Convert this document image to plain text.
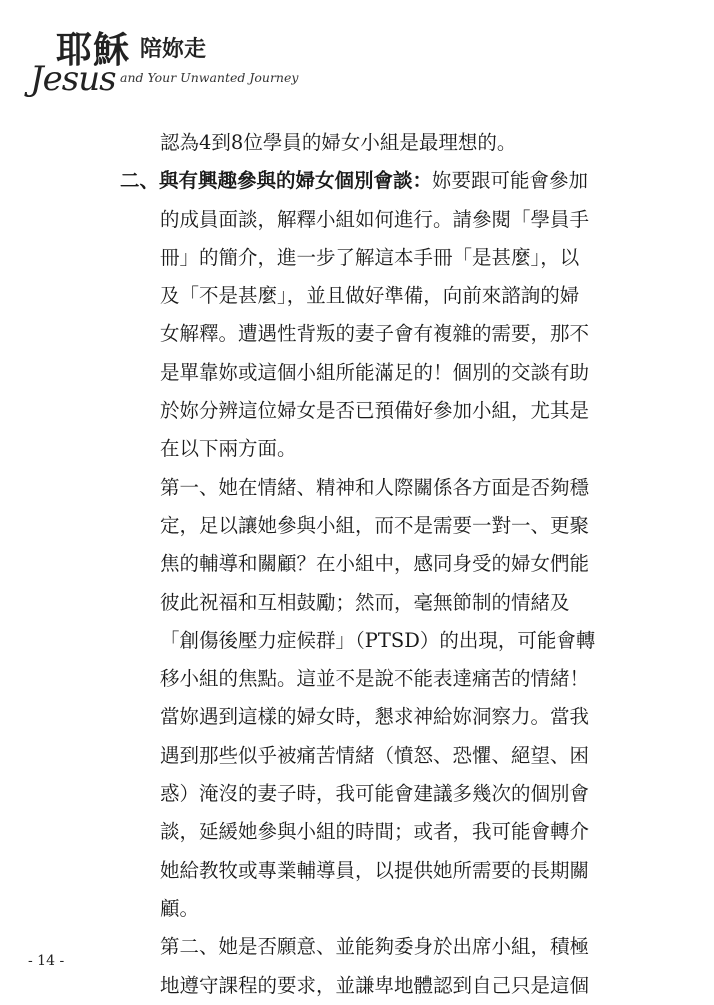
耶穌 陪妳走
Jesus and Your Unwanted Journey
認為4到8位學員的婦女小組是最理想的。
二、與有興趣參與的婦女個別會談：妳要跟可能會參加
的成員面談，解釋小組如何進行。請參閱「學員手
冊」的簡介，進一步了解這本手冊「是甚麼」，以
及「不是甚麼」，並且做好準備，向前來諮詢的婦
女解釋。遭遇性背叛的妻子會有複雜的需要，那不
是單靠妳或這個小組所能滿足的！個別的交談有助
於妳分辨這位婦女是否已預備好參加小組，尤其是
在以下兩方面。
第一、她在情緒、精神和人際關係各方面是否夠穩
定，足以讓她參與小組，而不是需要一對一、更聚
焦的輔導和關顧？在小組中，感同身受的婦女們能
彼此祝福和互相鼓勵；然而，毫無節制的情緒及
「創傷後壓力症候群」（PTSD）的出現，可能會轉
移小組的焦點。這並不是說不能表達痛苦的情緒！
當妳遇到這樣的婦女時，懇求神給妳洞察力。當我
遇到那些似乎被痛苦情緒（憤怒、恐懼、絕望、困
惑）淹沒的妻子時，我可能會建議多幾次的個別會
談，延緩她參與小組的時間；或者，我可能會轉介
她給教牧或專業輔導員，以提供她所需要的長期關
顧。
第二、她是否願意、並能夠委身於出席小組，積極
地遵守課程的要求，並謙卑地體認到自己只是這個
- 14 -
